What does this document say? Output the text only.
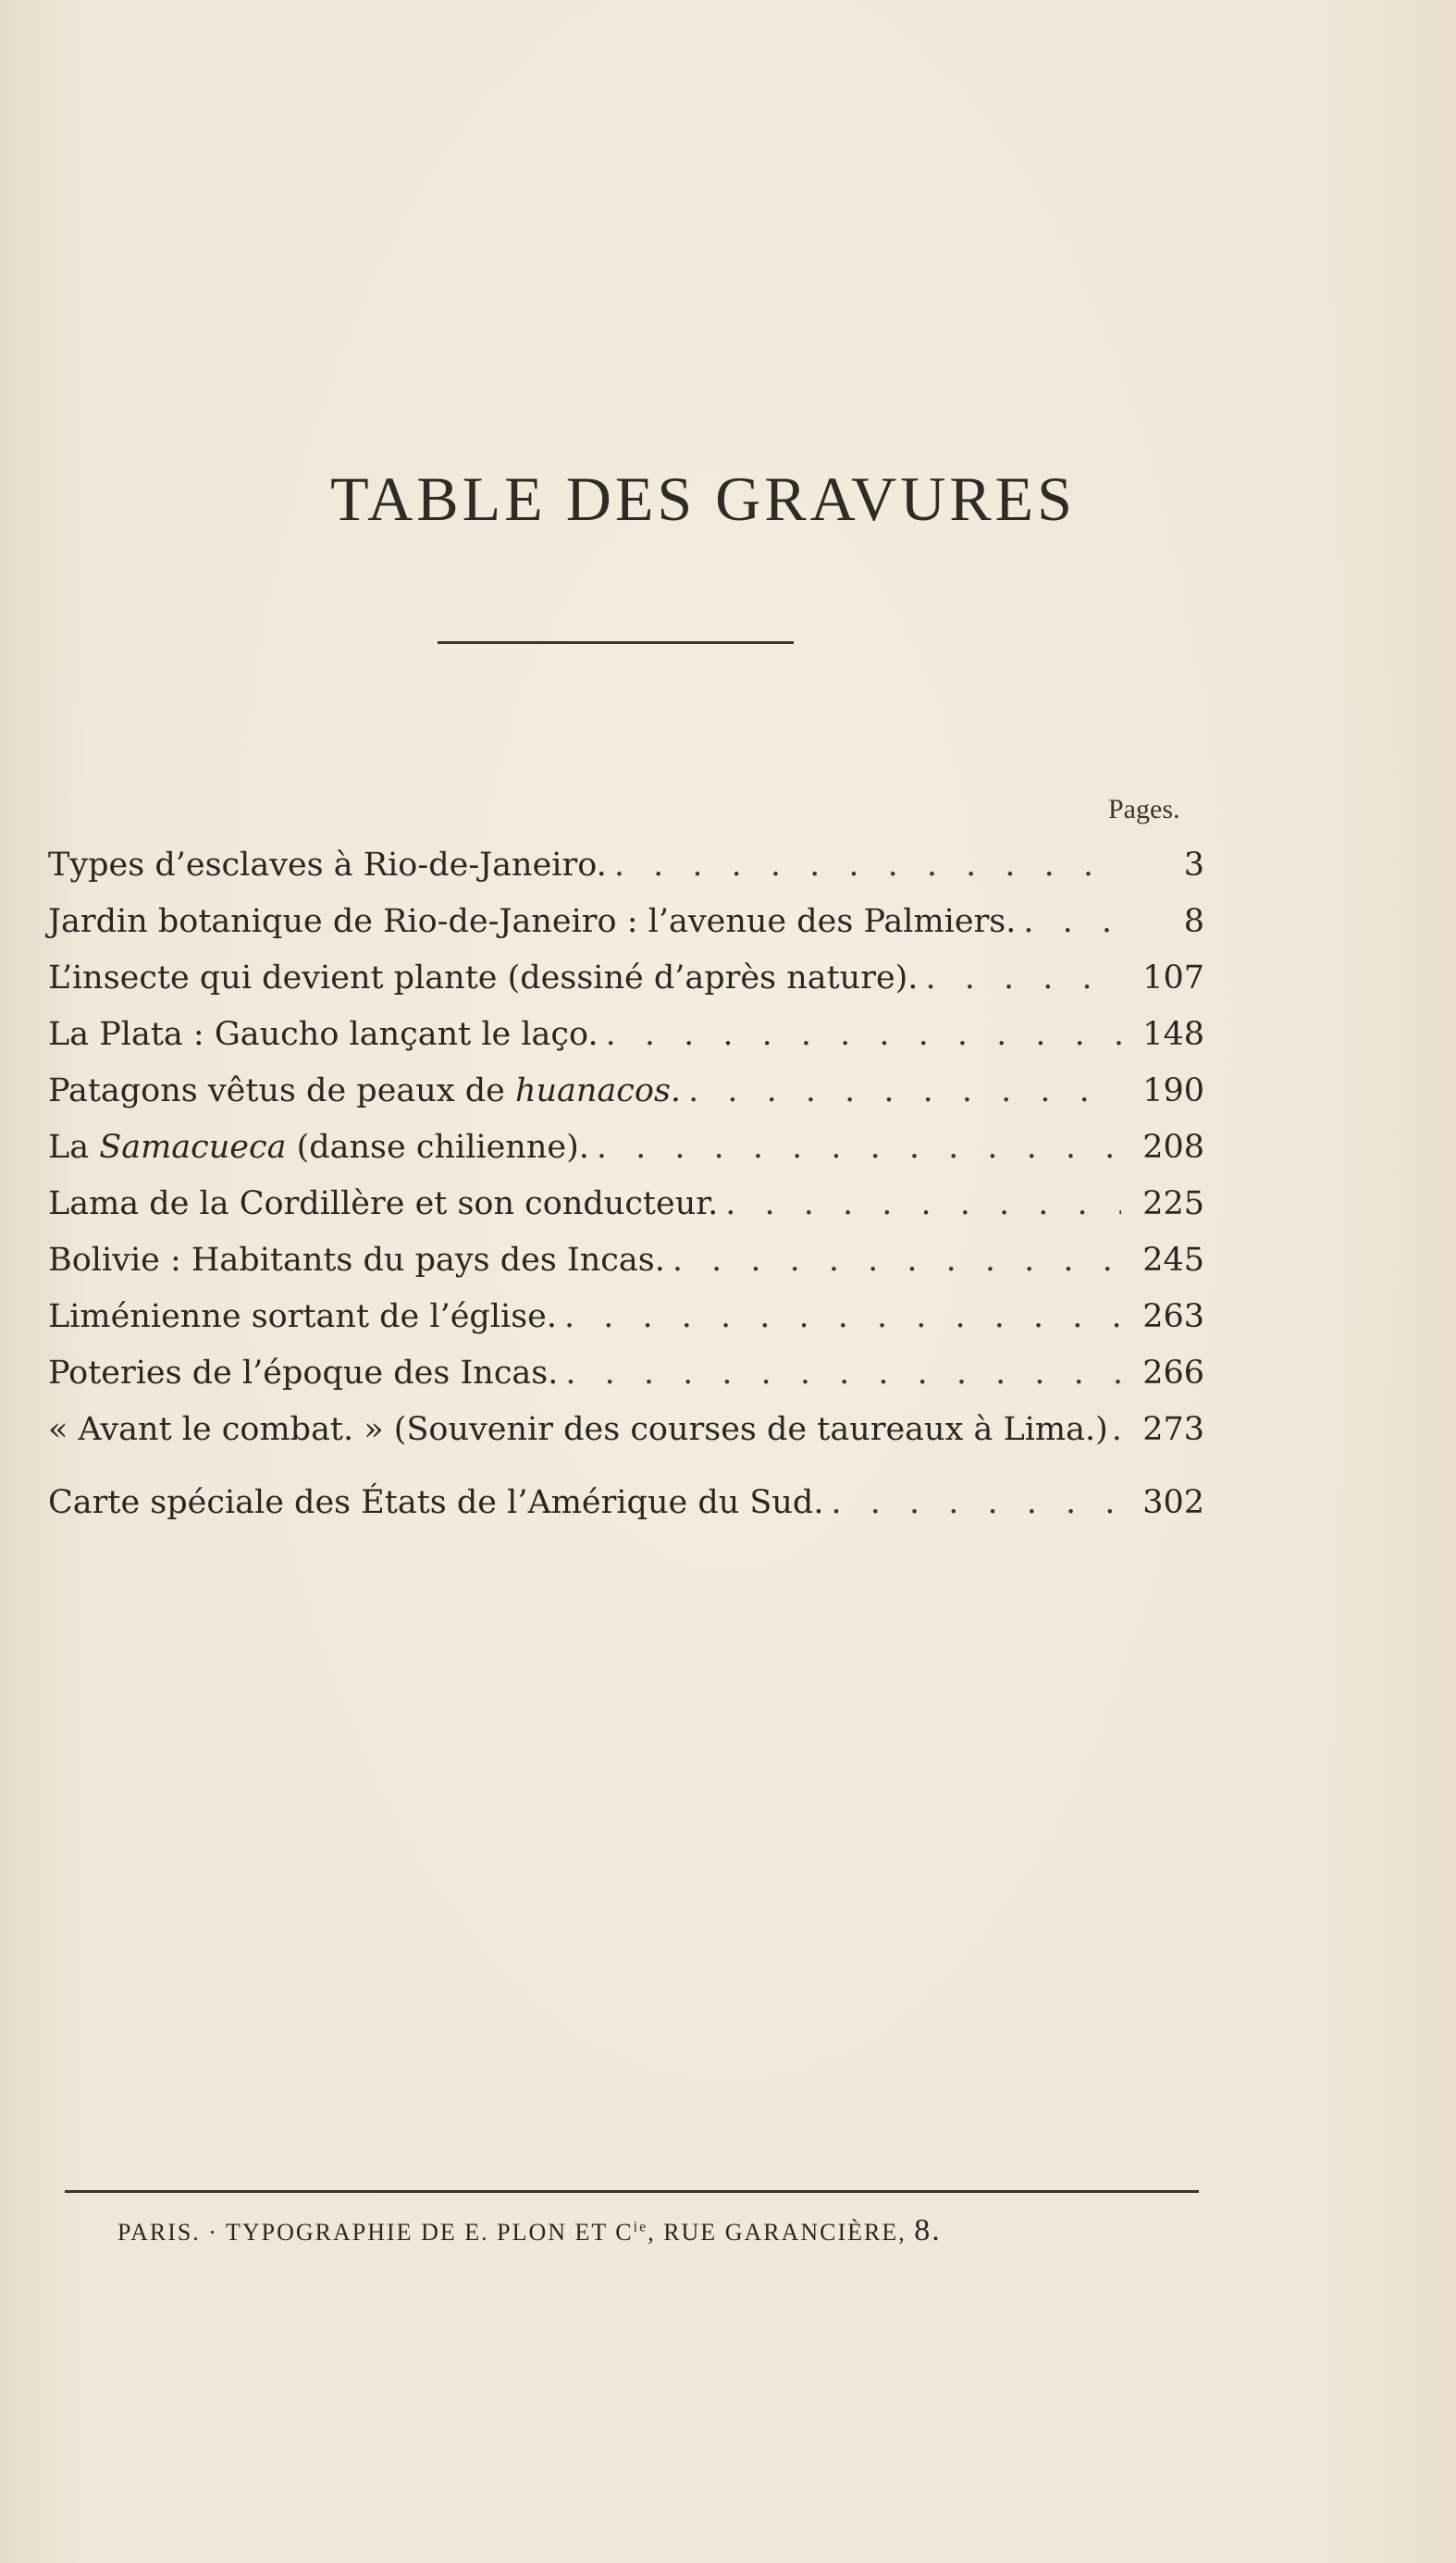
TABLE DES GRAVURES
Pages.
Types d’esclaves à Rio-de-Janeiro. . . .	3
Jardin botanique de Rio-de-Janeiro : l’avenue des Palmiers. . . .	8
L’insecte qui devient plante (dessiné d’après nature). . . .	107
La Plata : Gaucho lançant le laço. . . .	148
Patagons vêtus de peaux de huanacos. . . .	190
La Samacueca (danse chilienne). . . .	208
Lama de la Cordillère et son conducteur. . . .	225
Bolivie : Habitants du pays des Incas. . . .	245
Liménienne sortant de l’église. . . .	263
Poteries de l’époque des Incas. . . .	266
« Avant le combat. » (Souvenir des courses de taureaux à Lima.) . . .	273
Carte spéciale des États de l’Amérique du Sud. . . .	302
PARIS. · TYPOGRAPHIE DE E. PLON ET $C^{ie}$, RUE GARANCIÈRE, 8.
